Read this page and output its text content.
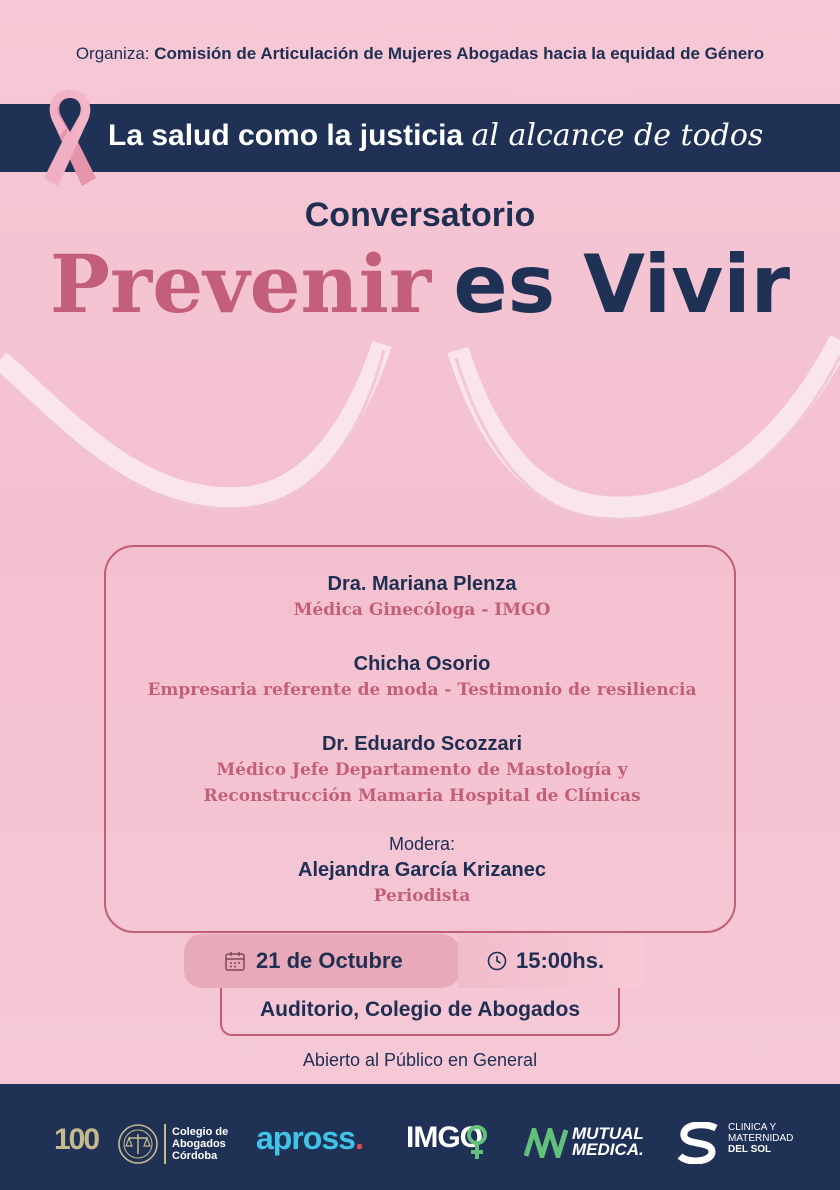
Organiza: Comisión de Articulación de Mujeres Abogadas hacia la equidad de Género
La salud como la justicia al alcance de todos
Conversatorio
Prevenir es Vivir
Dra. Mariana Plenza
Médica Ginecóloga - IMGO
Chicha Osorio
Empresaria referente de moda - Testimonio de resiliencia
Dr. Eduardo Scozzari
Médico Jefe Departamento de Mastología y
Reconstrucción Mamaria Hospital de Clínicas
Modera:
Alejandra García Krizanec
Periodista
21 de Octubre	15:00hs.
Auditorio, Colegio de Abogados
Abierto al Público en General
100	Colegio de
Abogados
Córdoba	apross. IMGO	MUTUAL
MEDICA.
CLINICA Y
MATERNIDAD
DEL SOL
